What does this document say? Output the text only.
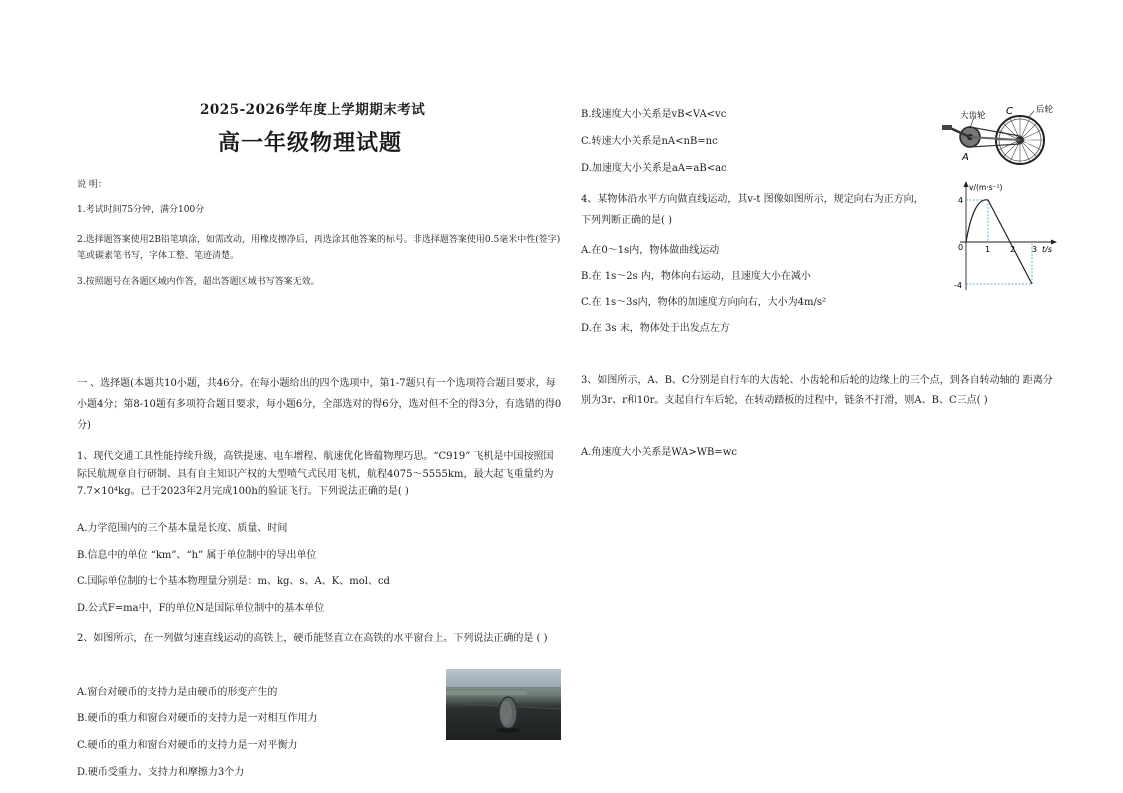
2025-2026学年度上学期期末考试
高一年级物理试题
说 明：
1.考试时间75分钟，满分100分
2.选择题答案使用2B铅笔填涂，如需改动，用橡皮擦净后，再选涂其他答案的标号。非选择题答案使用0.5毫米中性(签字)笔或碳素笔书写，字体工整、笔迹清楚。
3.按照题号在各题区域内作答，超出答题区域书写答案无效。
一 、选择题(本题共10小题，共46分。在每小题给出的四个选项中，第1-7题只有一个选项符合题目要求，每小题4分；第8-10题有多项符合题目要求，每小题6分，全部选对的得6分，选对但不全的得3分，有选错的得0分)
1、现代交通工具性能持续升级，高铁提速、电车增程、航速优化皆蕴物理巧思。“C919” 飞机是中国按照国际民航规章自行研制、具有自主知识产权的大型喷气式民用飞机，航程4075～5555km，最大起飞重量约为7.7×10⁴kg。已于2023年2月完成100h的验证飞行。下列说法正确的是( )
A.力学范围内的三个基本量是长度、质量、时间
B.信息中的单位 “km”、“h” 属于单位制中的导出单位
C.国际单位制的七个基本物理量分别是：m、kg、s、A、K、mol、cd
D.公式F=ma中，F的单位N是国际单位制中的基本单位
2、如图所示，在一列做匀速直线运动的高铁上，硬币能竖直立在高铁的水平窗台上。下列说法正确的是 ( )
A.窗台对硬币的支持力是由硬币的形变产生的
B.硬币的重力和窗台对硬币的支持力是一对相互作用力
C.硬币的重力和窗台对硬币的支持力是一对平衡力
D.硬币受重力、支持力和摩擦力3个力
3、如图所示，A、B、C分别是自行车的大齿轮、小齿轮和后轮的边缘上的三个点，到各自转动轴的 距离分别为3r、r和10r。支起自行车后轮，在转动踏板的过程中，链条不打滑，则A、B、C三点( )
A.角速度大小关系是WA>WB=wc
B.线速度大小关系是vB<VA<vc
C.转速大小关系是nA<nB=nc
D.加速度大小关系是aA=aB<ac
大齿轮
后轮
C
A
B
4、某物体沿水平方向做直线运动，其v-t 图像如图所示，规定向右为正方向，下列判断正确的是( )
A.在0～1s内，物体做曲线运动
B.在 1s～2s 内，物体向右运动，且速度大小在减小
C.在 1s～3s内，物体的加速度方向向右，大小为4m/s²
D.在 3s 末，物体处于出发点左方
v/(m·s⁻¹)
t/s
4
-4
0	1 2 3
